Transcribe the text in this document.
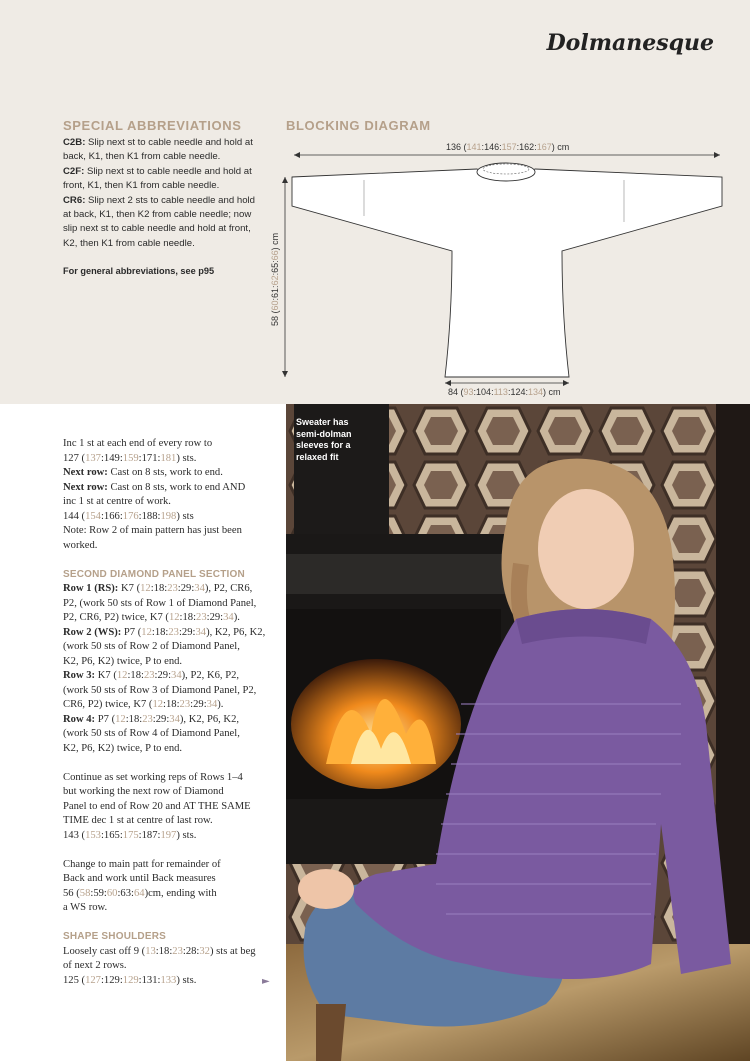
Dolmanesque
SPECIAL ABBREVIATIONS
C2B: Slip next st to cable needle and hold at back, K1, then K1 from cable needle.
C2F: Slip next st to cable needle and hold at front, K1, then K1 from cable needle.
CR6: Slip next 2 sts to cable needle and hold at back, K1, then K2 from cable needle; now slip next st to cable needle and hold at front, K2, then K1 from cable needle.
For general abbreviations, see p95
BLOCKING DIAGRAM
136 (141:146:157:162:167) cm
58 (60:61:62:65:66) cm
84 (93:104:113:124:134) cm

Inc 1 st at each end of every row to

127 (137:149:159:171:181) sts.

Next row: Cast on 8 sts, work to end.

Next row: Cast on 8 sts, work to end AND

inc 1 st at centre of work.

144 (154:166:176:188:198) sts

Note: Row 2 of main pattern has just been

worked.

SECOND DIAMOND PANEL SECTION

Row 1 (RS): K7 (12:18:23:29:34), P2, CR6,

P2, (work 50 sts of Row 1 of Diamond Panel,

P2, CR6, P2) twice, K7 (12:18:23:29:34).

Row 2 (WS): P7 (12:18:23:29:34), K2, P6, K2,

(work 50 sts of Row 2 of Diamond Panel,

K2, P6, K2) twice, P to end.

Row 3: K7 (12:18:23:29:34), P2, K6, P2,

(work 50 sts of Row 3 of Diamond Panel, P2,

CR6, P2) twice, K7 (12:18:23:29:34).

Row 4: P7 (12:18:23:29:34), K2, P6, K2,

(work 50 sts of Row 4 of Diamond Panel,

K2, P6, K2) twice, P to end.

Continue as set working reps of Rows 1–4

but working the next row of Diamond

Panel to end of Row 20 and AT THE SAME

TIME dec 1 st at centre of last row.

143 (153:165:175:187:197) sts.

Change to main patt for remainder of

Back and work until Back measures

56 (58:59:60:63:64)cm, ending with

a WS row.

SHAPE SHOULDERS

Loosely cast off 9 (13:18:23:28:32) sts at beg

of next 2 rows.

125 (127:129:129:131:133) sts.	►
Sweater has semi-dolman sleeves for a relaxed fit
